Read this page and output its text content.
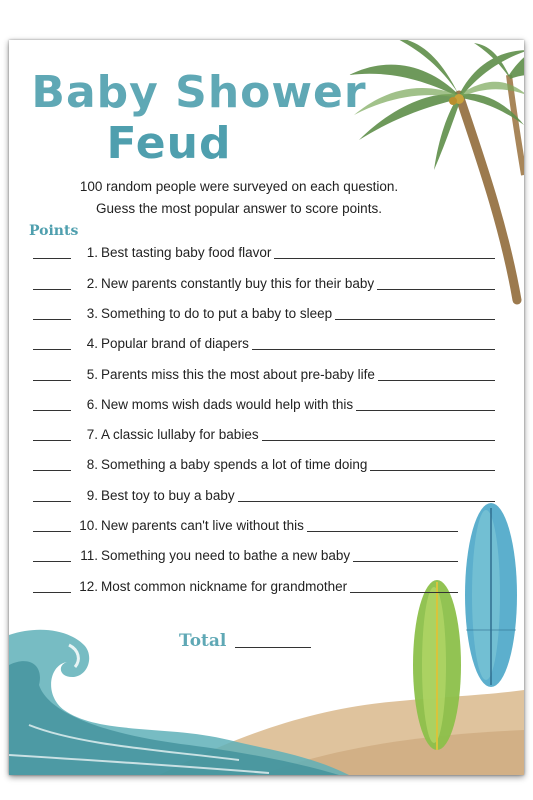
Baby Shower
Feud
100 random people were surveyed on each question.
Guess the most popular answer to score points.
Points
1. Best tasting baby food flavor
2. New parents constantly buy this for their baby
3. Something to do to put a baby to sleep
4. Popular brand of diapers
5. Parents miss this the most about pre-baby life
6. New moms wish dads would help with this
7. A classic lullaby for babies
8. Something a baby spends a lot of time doing
9. Best toy to buy a baby
10. New parents can't live without this
11. Something you need to bathe a new baby
12. Most common nickname for grandmother
Total
